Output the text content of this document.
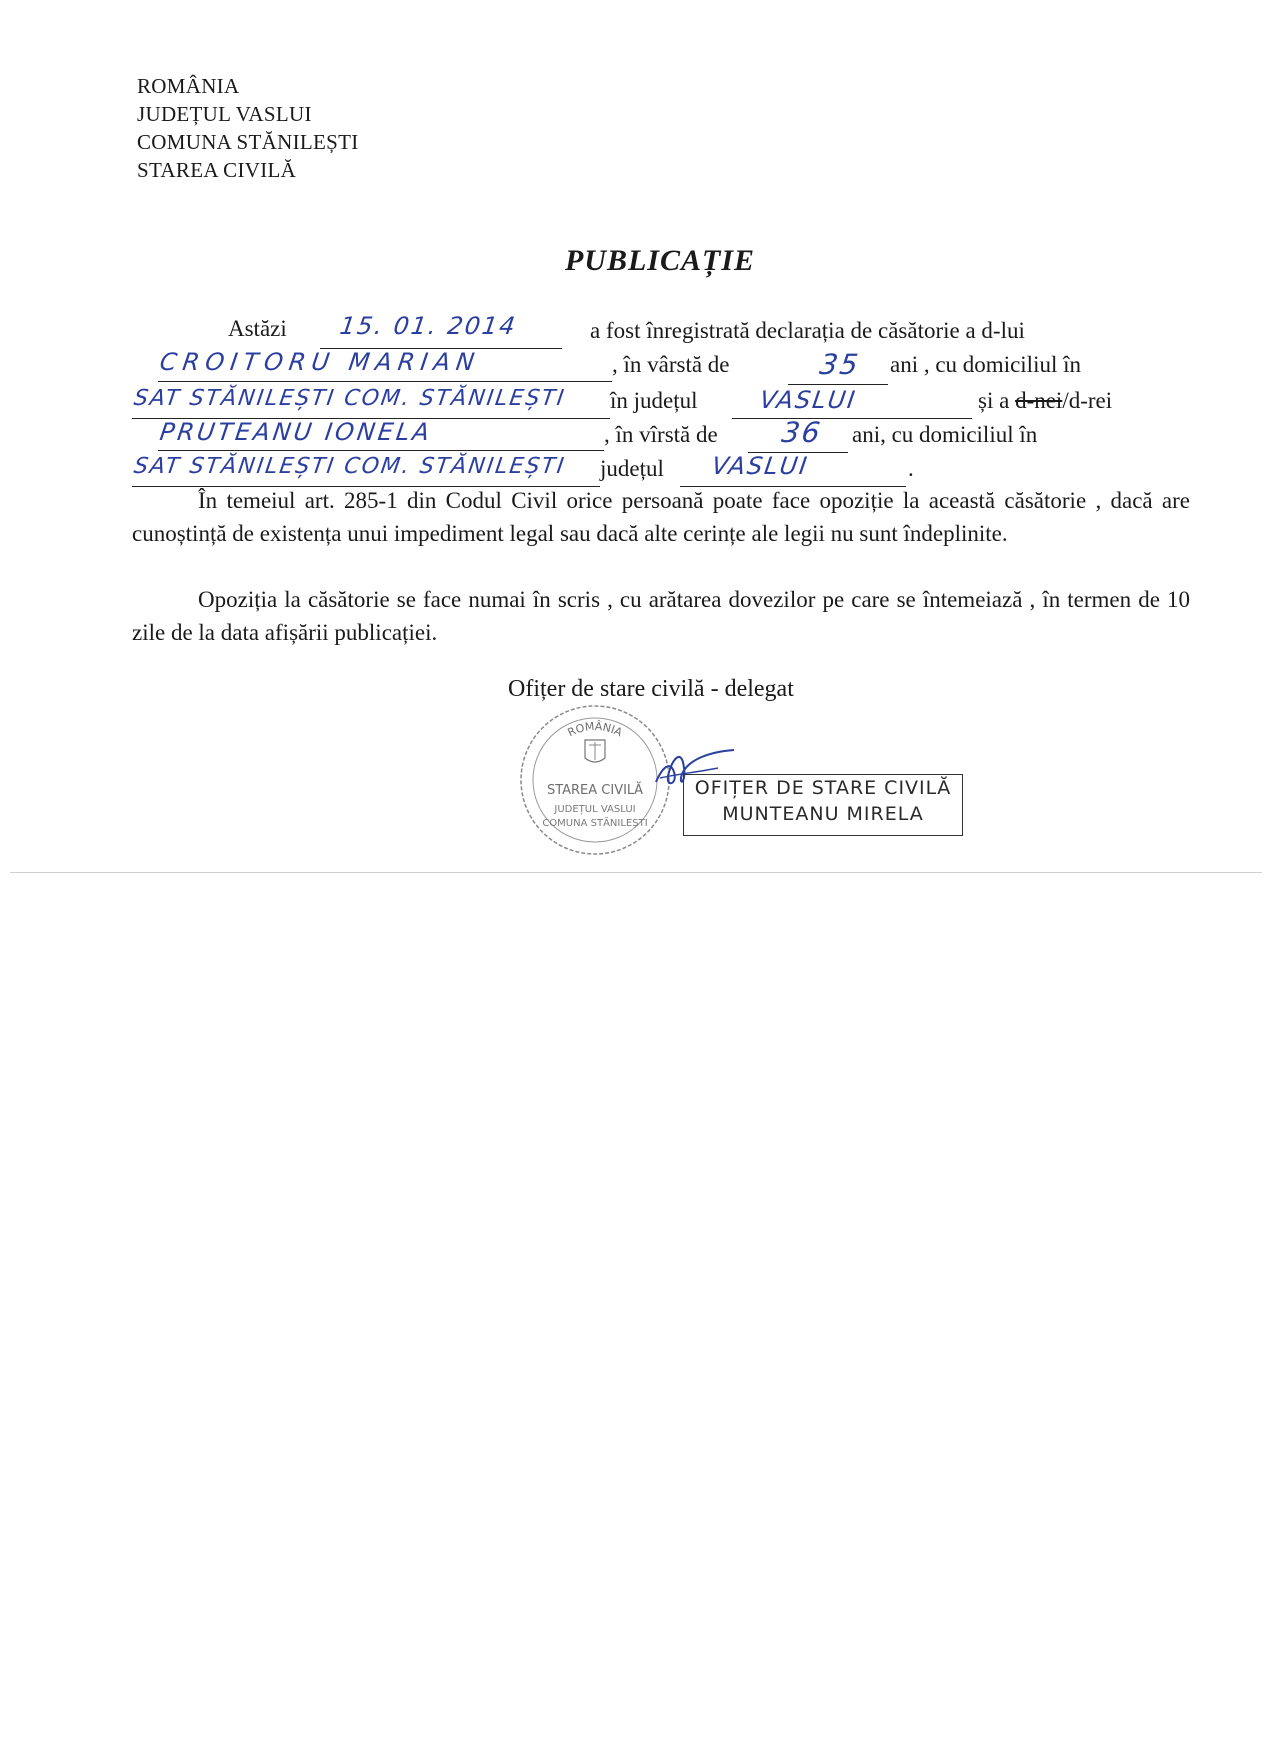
ROMÂNIA
JUDEȚUL VASLUI
COMUNA STĂNILEȘTI
STAREA CIVILĂ
PUBLICAȚIE
Astăzi 15. 01. 2014	a fost înregistrată declarația de căsătorie a d-lui
CROITORU MARIAN	, în vârstă de	35 ani , cu domiciliul în
SAT STĂNILEȘTI COM. STĂNILEȘTI în județul	VASLUI	și a d-nei/d-rei
PRUTEANU IONELA	, în vîrstă de 36 ani, cu domiciliul în
SAT STĂNILEȘTI COM. STĂNILEȘTI județul VASLUI	.
În temeiul art. 285-1 din Codul Civil orice persoană poate face opoziție la această căsătorie , dacă are cunoștință de existența unui impediment legal sau dacă alte cerințe ale legii nu sunt îndeplinite.
Opoziția la căsătorie se face numai în scris , cu arătarea dovezilor pe care se întemeiază , în termen de 10 zile de la data afișării publicației.
Ofițer de stare civilă - delegat
ROMÂNIA
STAREA CIVILĂ
JUDEȚUL VASLUI
COMUNA STĂNILEȘTI
OFIȚER DE STARE CIVILĂ
MUNTEANU MIRELA
